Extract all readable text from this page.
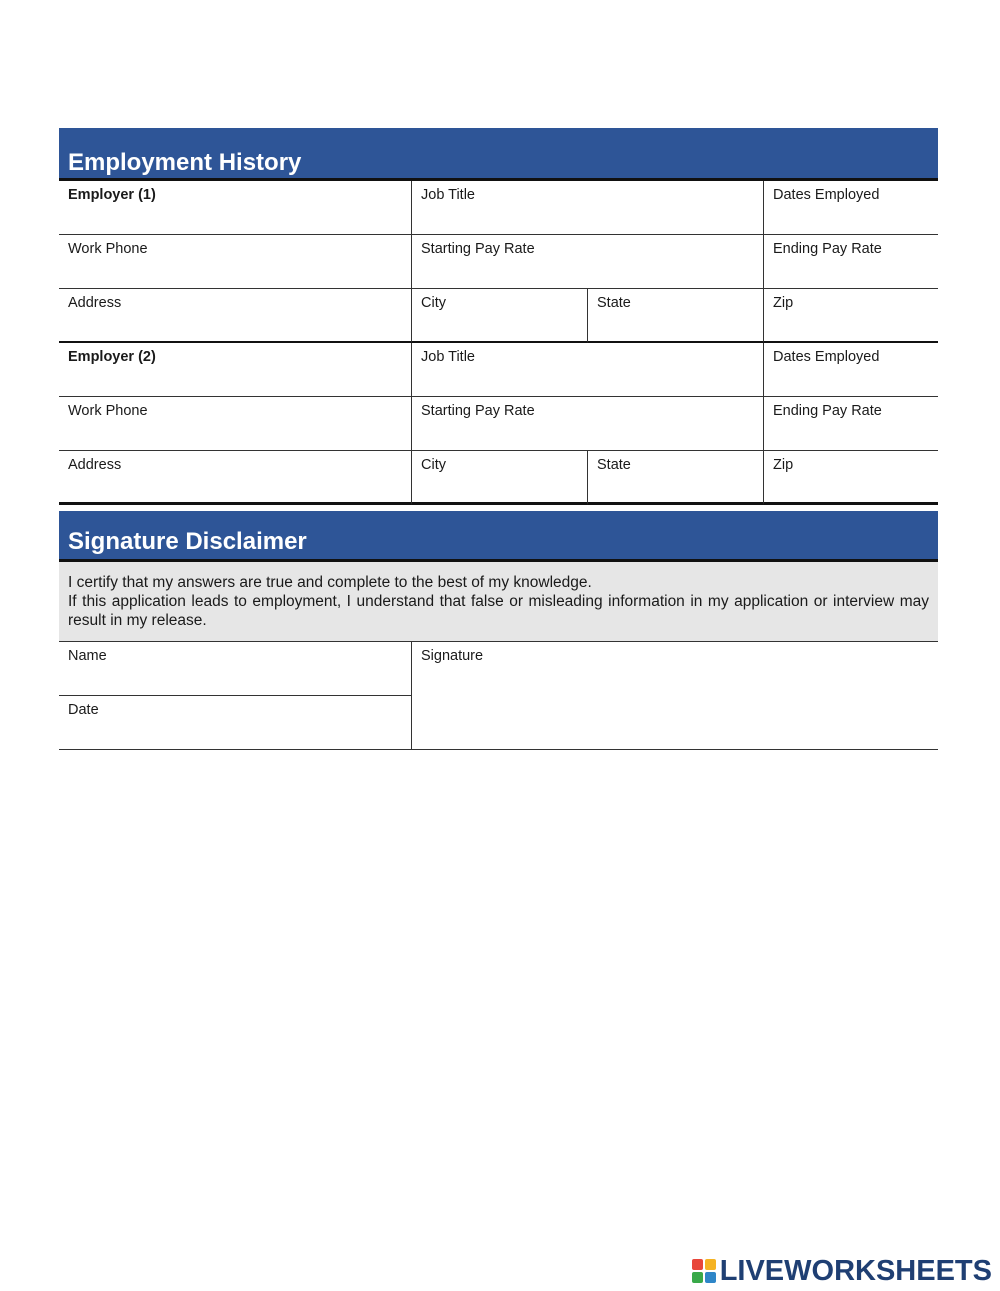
Employment History
Employer (1)	Job Title	Dates Employed
Work Phone	Starting Pay Rate	Ending Pay Rate
Address	City	State	Zip
Employer (2)	Job Title	Dates Employed
Work Phone	Starting Pay Rate	Ending Pay Rate
Address	City	State	Zip
Signature Disclaimer

I certify that my answers are true and complete to the best of my knowledge.

If this application leads to employment, I understand that false or misleading information in my application or interview may result in my release.

Name
Date
Signature
LIVEWORKSHEETS
